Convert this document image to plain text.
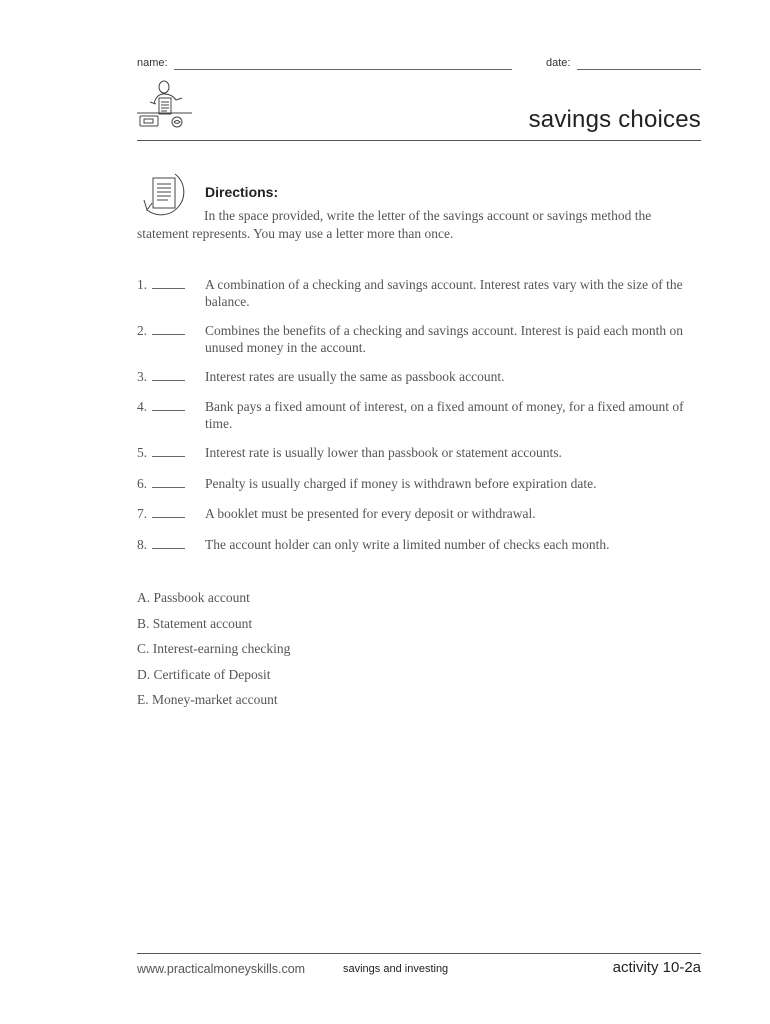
name:	date:
savings choices
Directions:
In the space provided, write the letter of the savings account or savings method the statement represents. You may use a letter more than once.
1.	A combination of a checking and savings account. Interest rates vary with the size of the balance.
2.	Combines the benefits of a checking and savings account. Interest is paid each month on unused money in the account.
3.	Interest rates are usually the same as passbook account.
4.	Bank pays a fixed amount of interest, on a fixed amount of money, for a fixed amount of time.
5.	Interest rate is usually lower than passbook or statement accounts.
6.	Penalty is usually charged if money is withdrawn before expiration date.
7.	A booklet must be presented for every deposit or withdrawal.
8.	The account holder can only write a limited number of checks each month.
A. Passbook account
B. Statement account
C. Interest-earning checking
D. Certificate of Deposit
E. Money-market account
www.practicalmoneyskills.com	savings and investing	activity 10-2a
